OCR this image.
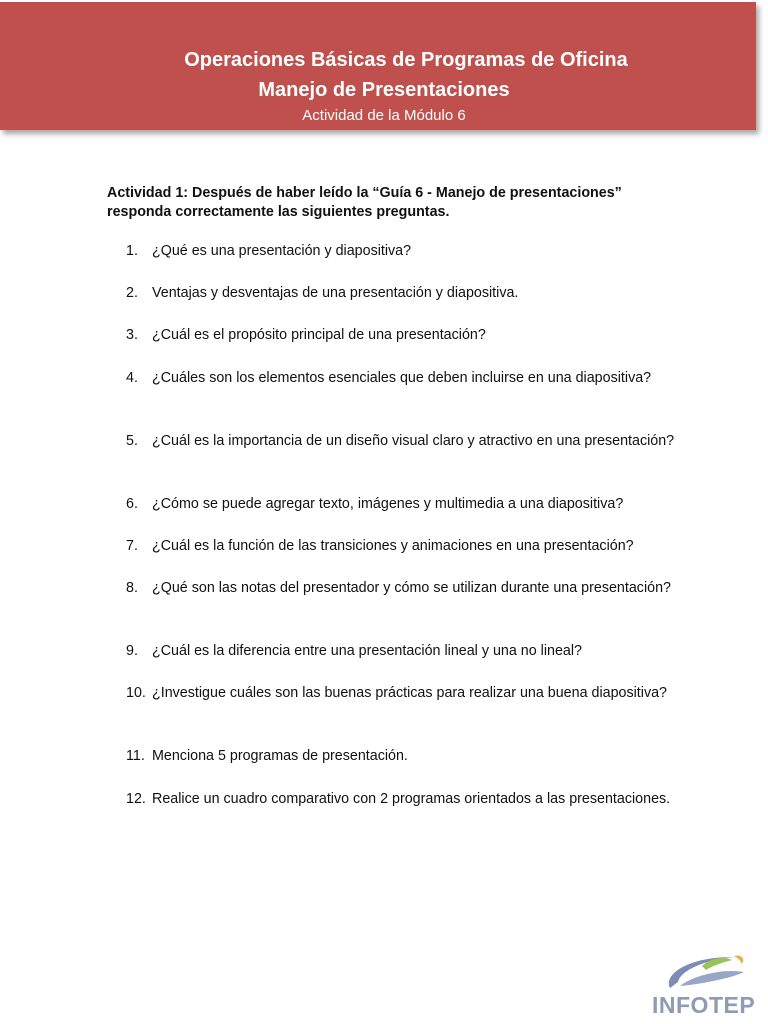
Operaciones Básicas de Programas de Oficina
Manejo de Presentaciones
Actividad de la Módulo 6
Actividad 1: Después de haber leído la “Guía 6 - Manejo de presentaciones” responda correctamente las siguientes preguntas.
1. ¿Qué es una presentación y diapositiva?
2. Ventajas y desventajas de una presentación y diapositiva.
3. ¿Cuál es el propósito principal de una presentación?
4. ¿Cuáles son los elementos esenciales que deben incluirse en una diapositiva?
5. ¿Cuál es la importancia de un diseño visual claro y atractivo en una presentación?
6. ¿Cómo se puede agregar texto, imágenes y multimedia a una diapositiva?
7. ¿Cuál es la función de las transiciones y animaciones en una presentación?
8. ¿Qué son las notas del presentador y cómo se utilizan durante una presentación?
9. ¿Cuál es la diferencia entre una presentación lineal y una no lineal?
10. ¿Investigue cuáles son las buenas prácticas para realizar una buena diapositiva?
11. Menciona 5 programas de presentación.
12. Realice un cuadro comparativo con 2 programas orientados a las presentaciones.
INFOTEP
